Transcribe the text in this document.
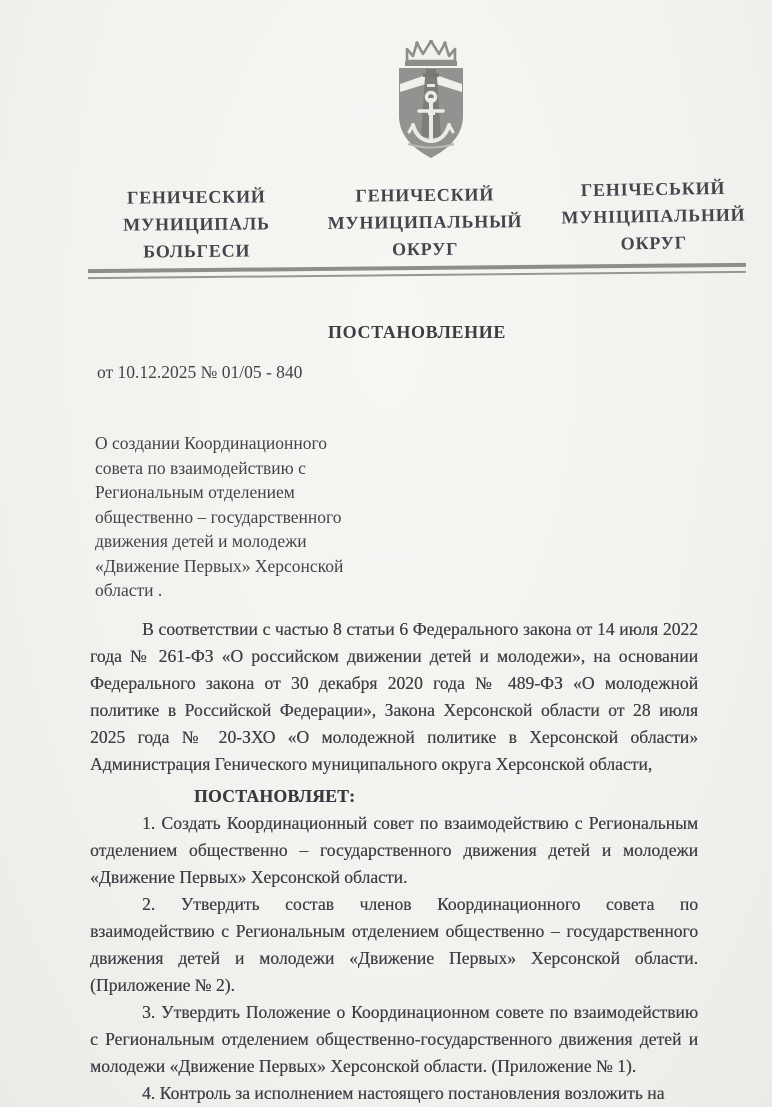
ГЕНИЧЕСКИЙ
МУНИЦИПАЛЬ
БОЛЬГЕСИ
ГЕНИЧЕСКИЙ
МУНИЦИПАЛЬНЫЙ
ОКРУГ
ГЕНІЧЕСЬКИЙ
МУНІЦИПАЛЬНИЙ
ОКРУГ
ПОСТАНОВЛЕНИЕ
от 10.12.2025 № 01/05 - 840
О создании Координационного
совета по взаимодействию с
Региональным отделением
общественно – государственного
движения детей и молодежи
«Движение Первых» Херсонской
области .

В соответствии с частью 8 статьи 6 Федерального закона от 14 июля 2022 года № 261-ФЗ «О российском движении детей и молодежи», на основании Федерального закона от 30 декабря 2020 года № 489-ФЗ «О молодежной политике в Российской Федерации», Закона Херсонской области от 28 июля 2025 года № 20-ЗХО «О молодежной политике в Херсонской области» Администрация Генического муниципального округа Херсонской области,

ПОСТАНОВЛЯЕТ:

1. Создать Координационный совет по взаимодействию с Региональным отделением общественно – государственного движения детей и молодежи «Движение Первых» Херсонской области.

2. Утвердить состав членов Координационного совета по взаимодействию с Региональным отделением общественно – государственного движения детей и молодежи «Движение Первых» Херсонской области. (Приложение № 2).

3. Утвердить Положение о Координационном совете по взаимодействию с Региональным отделением общественно-государственного движения детей и молодежи «Движение Первых» Херсонской области. (Приложение № 1).

4. Контроль за исполнением настоящего постановления возложить на
